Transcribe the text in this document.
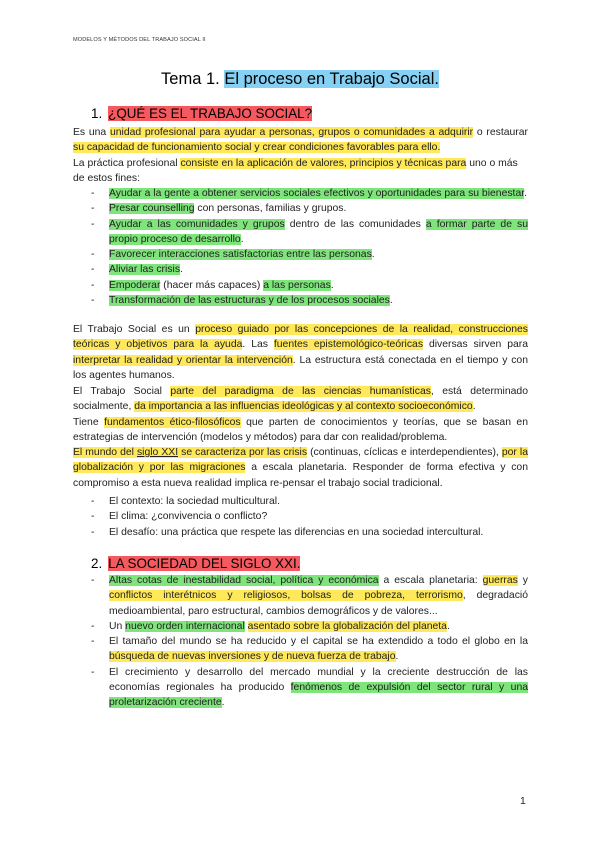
MODELOS Y MÉTODOS DEL TRABAJO SOCIAL II
Tema 1. El proceso en Trabajo Social.
1. ¿QUÉ ES EL TRABAJO SOCIAL?

Es una unidad profesional para ayudar a personas, grupos o comunidades a adquirir o restaurar su capacidad de funcionamiento social y crear condiciones favorables para ello.

La práctica profesional consiste en la aplicación de valores, principios y técnicas para uno o más de estos fines:

- Ayudar a la gente a obtener servicios sociales efectivos y oportunidades para su bienestar.
- Presar counselling con personas, familias y grupos.
- Ayudar a las comunidades y grupos dentro de las comunidades a formar parte de su propio proceso de desarrollo.
- Favorecer interacciones satisfactorias entre las personas.
- Aliviar las crisis.
- Empoderar (hacer más capaces) a las personas.
- Transformación de las estructuras y de los procesos sociales.

El Trabajo Social es un proceso guiado por las concepciones de la realidad, construcciones teóricas y objetivos para la ayuda. Las fuentes epistemológico-teóricas diversas sirven para interpretar la realidad y orientar la intervención. La estructura está conectada en el tiempo y con los agentes humanos.

El Trabajo Social parte del paradigma de las ciencias humanísticas, está determinado socialmente, da importancia a las influencias ideológicas y al contexto socioeconómico.

Tiene fundamentos ético-filosóficos que parten de conocimientos y teorías, que se basan en estrategias de intervención (modelos y métodos) para dar con realidad/problema.

El mundo del siglo XXI se caracteriza por las crisis (continuas, cíclicas e interdependientes), por la globalización y por las migraciones a escala planetaria. Responder de forma efectiva y con compromiso a esta nueva realidad implica re-pensar el trabajo social tradicional.

- El contexto: la sociedad multicultural.
- El clima: ¿convivencia o conflicto?
- El desafío: una práctica que respete las diferencias en una sociedad intercultural.
2. LA SOCIEDAD DEL SIGLO XXI.
- Altas cotas de inestabilidad social, política y económica a escala planetaria: guerras y conflictos interétnicos y religiosos, bolsas de pobreza, terrorismo, degradació medioambiental, paro estructural, cambios demográficos y de valores...
- Un nuevo orden internacional asentado sobre la globalización del planeta.
- El tamaño del mundo se ha reducido y el capital se ha extendido a todo el globo en la búsqueda de nuevas inversiones y de nueva fuerza de trabajo.
- El crecimiento y desarrollo del mercado mundial y la creciente destrucción de las economías regionales ha producido fenómenos de expulsión del sector rural y una proletarización creciente.
1
